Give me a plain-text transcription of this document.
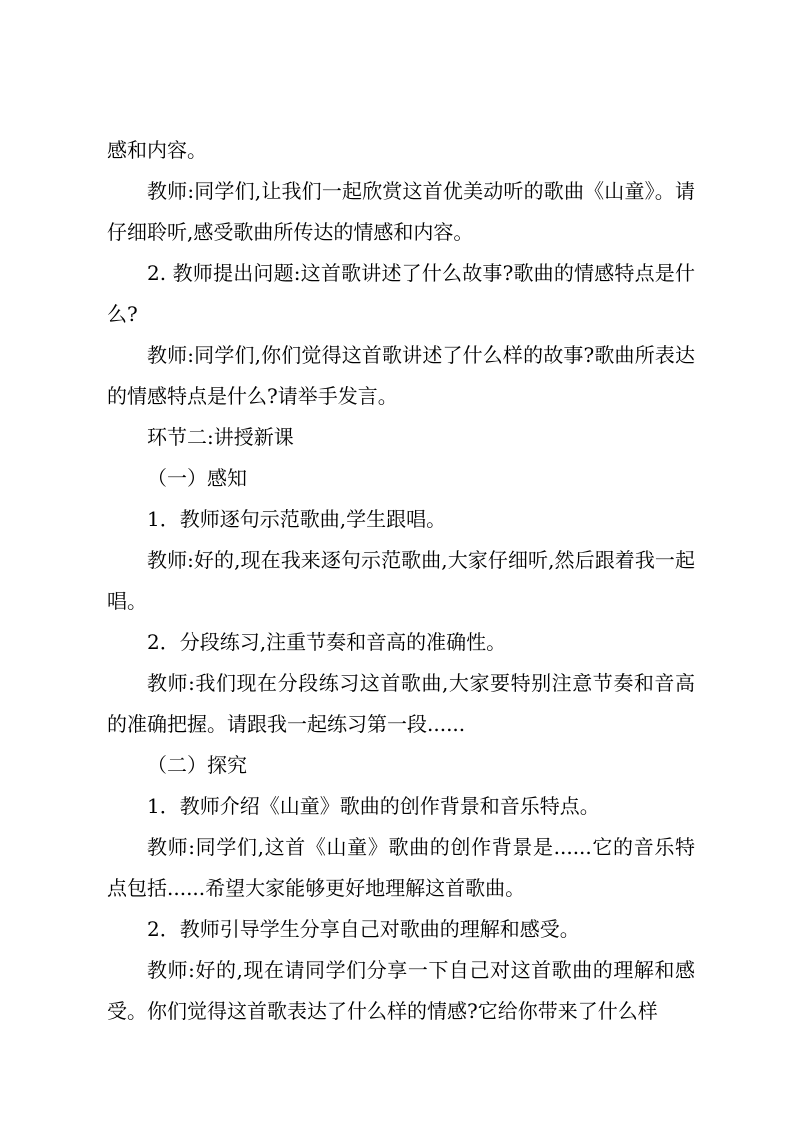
感和内容。

教师:同学们,让我们一起欣赏这首优美动听的歌曲《山童》。请仔细聆听,感受歌曲所传达的情感和内容。

2. 教师提出问题:这首歌讲述了什么故事?歌曲的情感特点是什么?

教师:同学们,你们觉得这首歌讲述了什么样的故事?歌曲所表达的情感特点是什么?请举手发言。

环节二:讲授新课

（一）感知

1．教师逐句示范歌曲,学生跟唱。

教师:好的,现在我来逐句示范歌曲,大家仔细听,然后跟着我一起唱。

2．分段练习,注重节奏和音高的准确性。

教师:我们现在分段练习这首歌曲,大家要特别注意节奏和音高的准确把握。请跟我一起练习第一段......

（二）探究

1．教师介绍《山童》歌曲的创作背景和音乐特点。

教师:同学们,这首《山童》歌曲的创作背景是......它的音乐特点包括......希望大家能够更好地理解这首歌曲。

2．教师引导学生分享自己对歌曲的理解和感受。

教师:好的,现在请同学们分享一下自己对这首歌曲的理解和感受。你们觉得这首歌表达了什么样的情感?它给你带来了什么样
